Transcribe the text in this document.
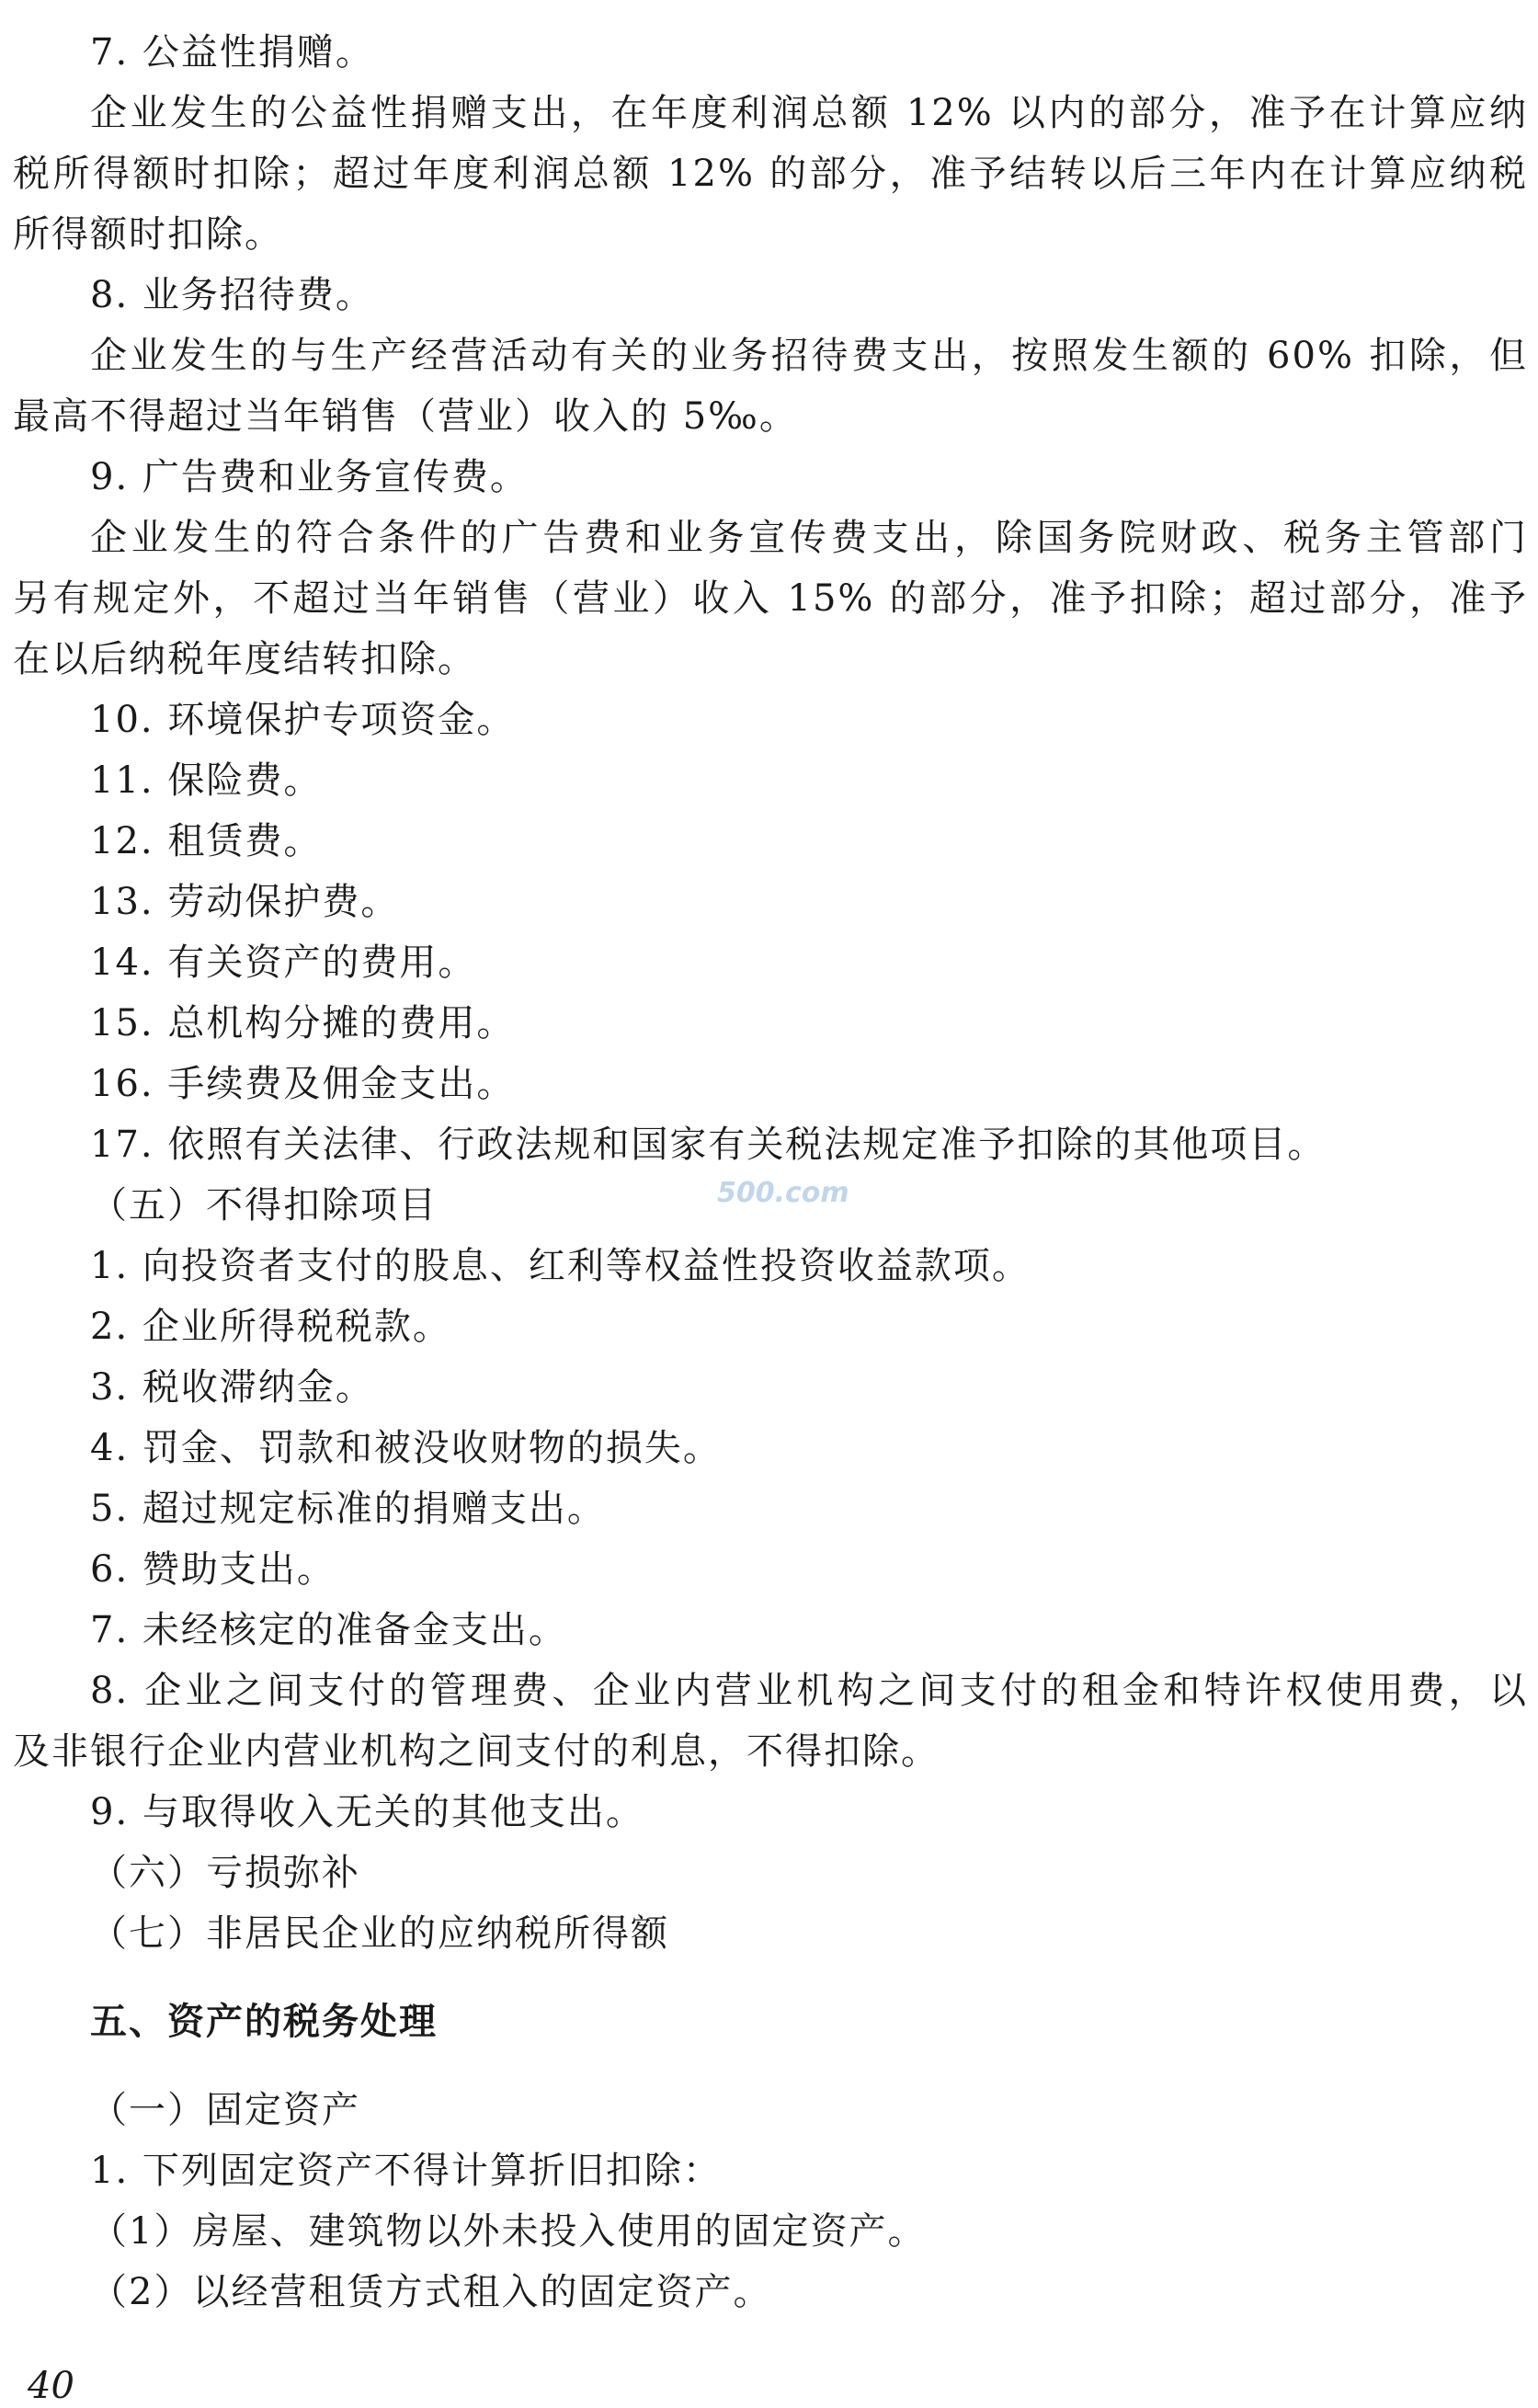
7. 公益性捐赠。
企业发生的公益性捐赠支出，在年度利润总额 12% 以内的部分，准予在计算应纳
税所得额时扣除；超过年度利润总额 12% 的部分，准予结转以后三年内在计算应纳税
所得额时扣除。
8. 业务招待费。
企业发生的与生产经营活动有关的业务招待费支出，按照发生额的 60% 扣除，但
最高不得超过当年销售（营业）收入的 5‰。
9. 广告费和业务宣传费。
企业发生的符合条件的广告费和业务宣传费支出，除国务院财政、税务主管部门
另有规定外，不超过当年销售（营业）收入 15% 的部分，准予扣除；超过部分，准予
在以后纳税年度结转扣除。
10. 环境保护专项资金。
11. 保险费。
12. 租赁费。
13. 劳动保护费。
14. 有关资产的费用。
15. 总机构分摊的费用。
16. 手续费及佣金支出。
17. 依照有关法律、行政法规和国家有关税法规定准予扣除的其他项目。
（五）不得扣除项目
1. 向投资者支付的股息、红利等权益性投资收益款项。
2. 企业所得税税款。
3. 税收滞纳金。
4. 罚金、罚款和被没收财物的损失。
5. 超过规定标准的捐赠支出。
6. 赞助支出。
7. 未经核定的准备金支出。
8. 企业之间支付的管理费、企业内营业机构之间支付的租金和特许权使用费，以
及非银行企业内营业机构之间支付的利息，不得扣除。
9. 与取得收入无关的其他支出。
（六）亏损弥补
（七）非居民企业的应纳税所得额
五、资产的税务处理
（一）固定资产
1. 下列固定资产不得计算折旧扣除：
（1）房屋、建筑物以外未投入使用的固定资产。
（2）以经营租赁方式租入的固定资产。
500.com
40
